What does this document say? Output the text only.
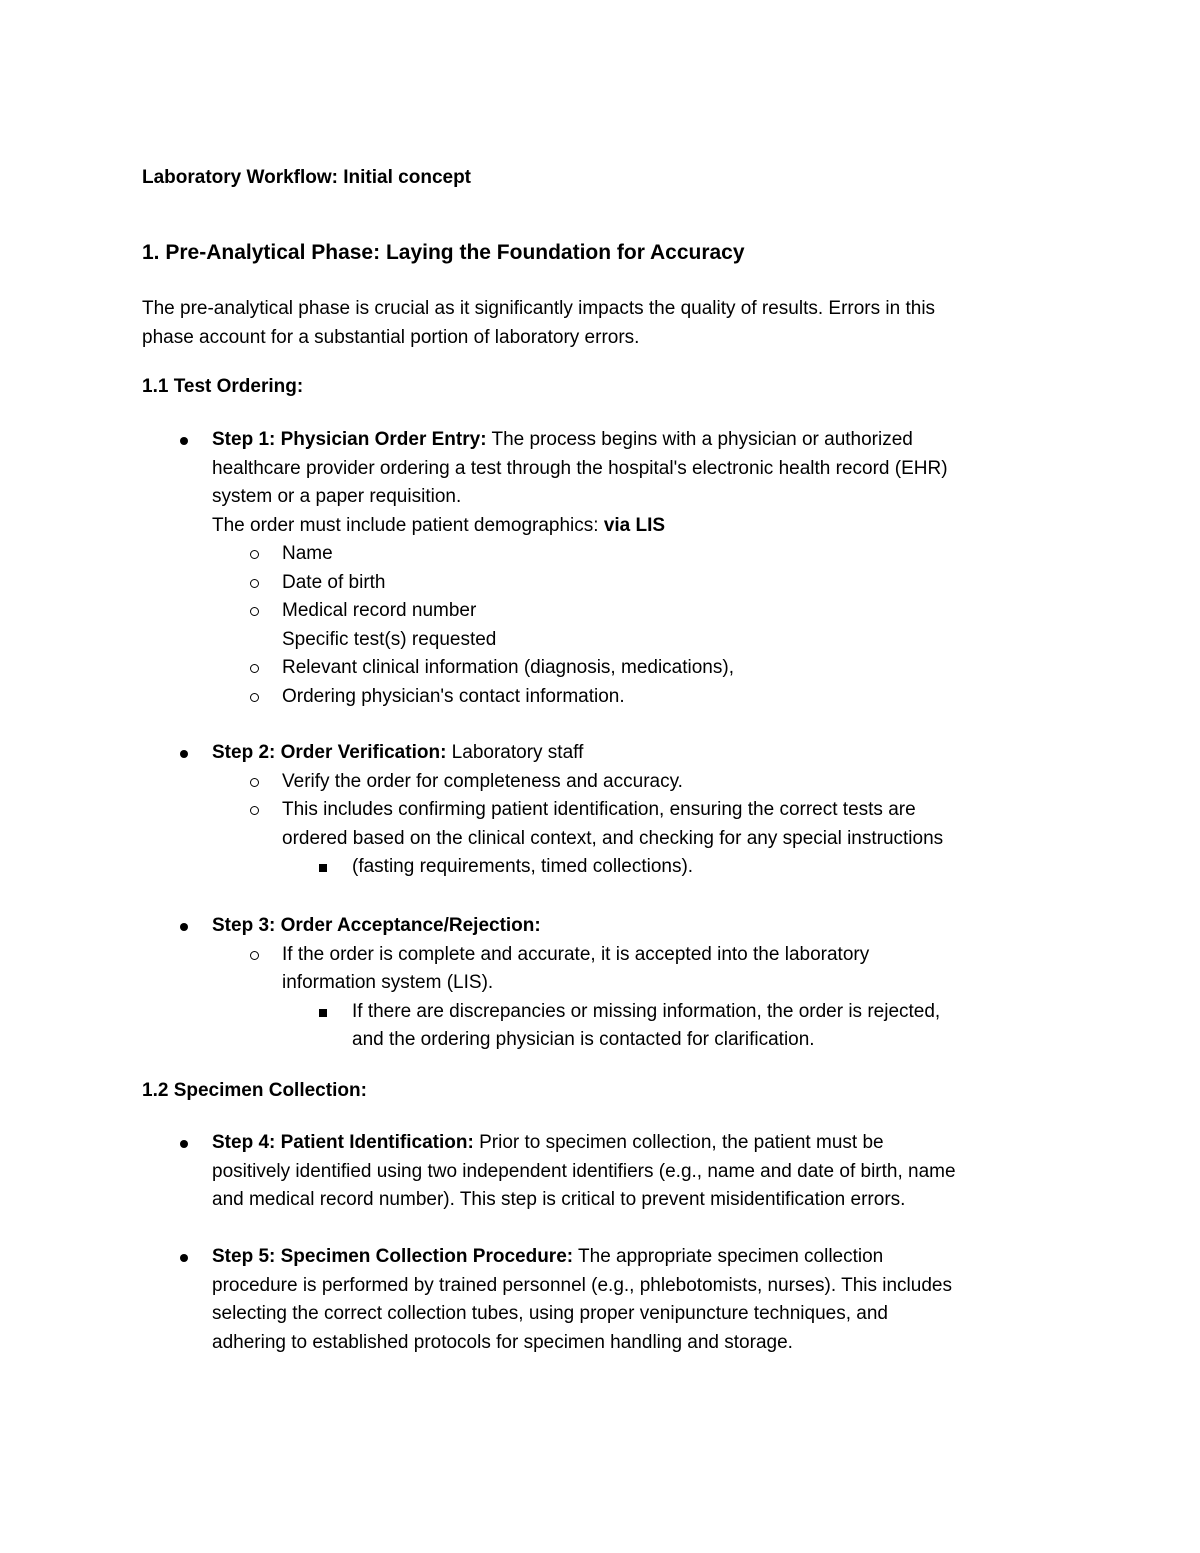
Laboratory Workflow: Initial concept
1. Pre-Analytical Phase: Laying the Foundation for Accuracy
The pre-analytical phase is crucial as it significantly impacts the quality of results. Errors in this
phase account for a substantial portion of laboratory errors.
1.1 Test Ordering:
Step 1: Physician Order Entry: The process begins with a physician or authorized
healthcare provider ordering a test through the hospital's electronic health record (EHR)
system or a paper requisition.
The order must include patient demographics: via LIS
Name
Date of birth
Medical record number
Specific test(s) requested
Relevant clinical information (diagnosis, medications),
Ordering physician's contact information.
Step 2: Order Verification: Laboratory staff
Verify the order for completeness and accuracy.
This includes confirming patient identification, ensuring the correct tests are
ordered based on the clinical context, and checking for any special instructions
(fasting requirements, timed collections).
Step 3: Order Acceptance/Rejection:
If the order is complete and accurate, it is accepted into the laboratory
information system (LIS).
If there are discrepancies or missing information, the order is rejected,
and the ordering physician is contacted for clarification.
1.2 Specimen Collection:
Step 4: Patient Identification: Prior to specimen collection, the patient must be
positively identified using two independent identifiers (e.g., name and date of birth, name
and medical record number). This step is critical to prevent misidentification errors.
Step 5: Specimen Collection Procedure: The appropriate specimen collection
procedure is performed by trained personnel (e.g., phlebotomists, nurses). This includes
selecting the correct collection tubes, using proper venipuncture techniques, and
adhering to established protocols for specimen handling and storage.
